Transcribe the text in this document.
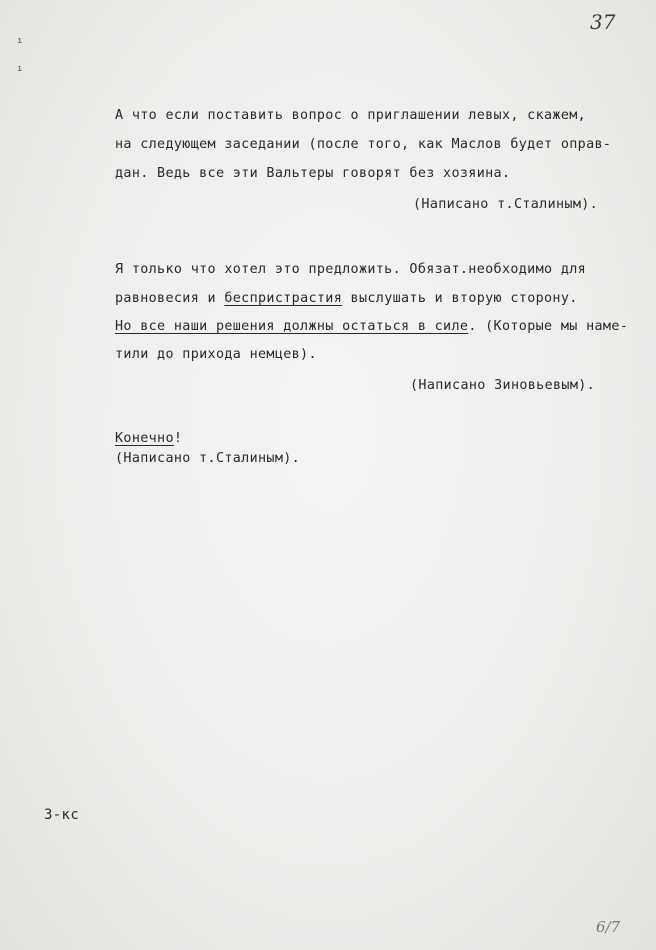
37
ı
ı
А что если поставить вопрос о приглашении левых, скажем,
на следующем заседании (после того, как Маслов будет оправ-
дан. Ведь все эти Вальтеры говорят без хозяина.
(Написано т.Сталиным).
Я только что хотел это предложить. Обязат.необходимо для
равновесия и беспристрастия выслушать и вторую сторону.
Но все наши решения должны остаться в силе. (Которые мы наме-
тили до прихода немцев).
(Написано Зиновьевым).
Конечно!
(Написано т.Сталиным).
3-кс
6/7
